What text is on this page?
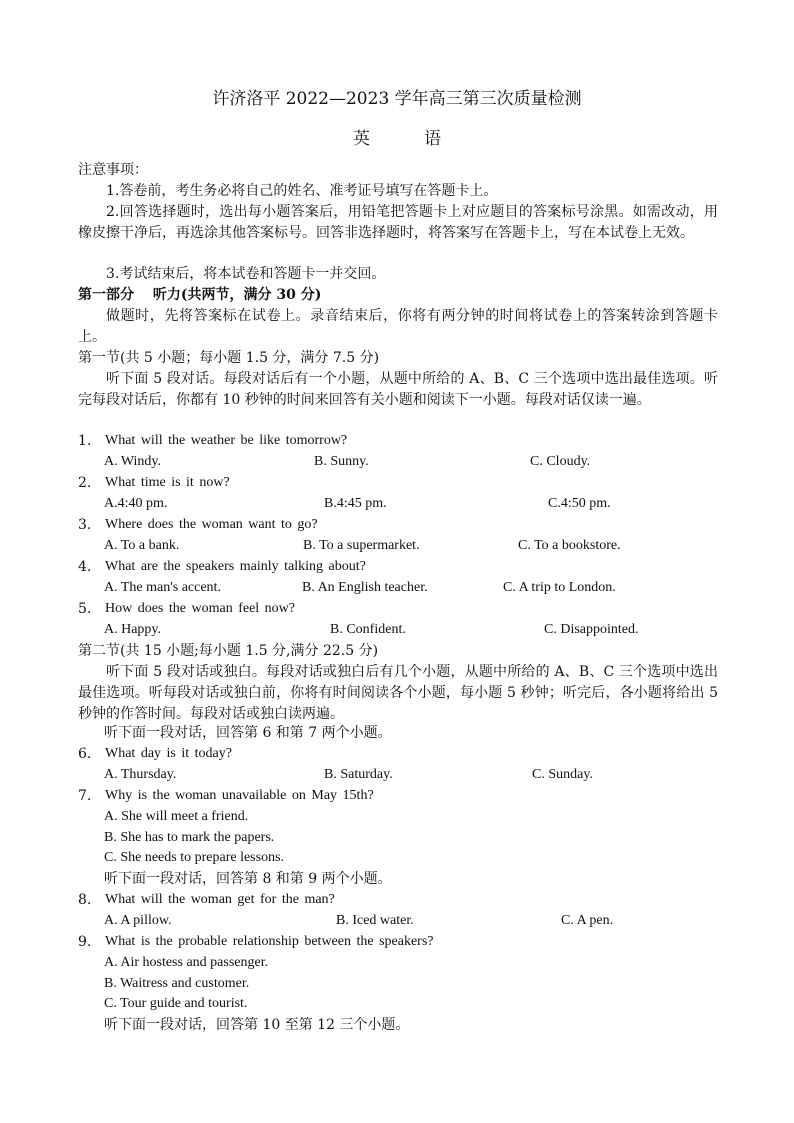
许济洛平 2022—2023 学年高三第三次质量检测
英语
注意事项：
1.答卷前，考生务必将自己的姓名、准考证号填写在答题卡上。
2.回答选择题时，选出每小题答案后，用铅笔把答题卡上对应题目的答案标号涂黑。如需改动，用橡皮擦干净后，再选涂其他答案标号。回答非选择题时，将答案写在答题卡上，写在本试卷上无效。
3.考试结束后，将本试卷和答题卡一并交回。
第一部分　 听力(共两节，满分 30 分)
做题时，先将答案标在试卷上。录音结束后，你将有两分钟的时间将试卷上的答案转涂到答题卡上。
第一节(共 5 小题；每小题 1.5 分，满分 7.5 分)
听下面 5 段对话。每段对话后有一个小题，从题中所给的 A、B、C 三个选项中选出最佳选项。听完每段对话后，你都有 10 秒钟的时间来回答有关小题和阅读下一小题。每段对话仅读一遍。
1. What will the weather be like tomorrow?
A. Windy.	B. Sunny.	C. Cloudy.
2. What time is it now?
A.4:40 pm.	B.4:45 pm.	C.4:50 pm.
3. Where does the woman want to go?
A. To a bank.	B. To a supermarket.	C. To a bookstore.
4. What are the speakers mainly talking about?
A. The man's accent.	B. An English teacher.	C. A trip to London.
5. How does the woman feel now?
A. Happy.	B. Confident.	C. Disappointed.
第二节(共 15 小题;每小题 1.5 分,满分 22.5 分)
听下面 5 段对话或独白。每段对话或独白后有几个小题，从题中所给的 A、B、C 三个选项中选出最佳选项。听每段对话或独白前，你将有时间阅读各个小题，每小题 5 秒钟；听完后，各小题将给出 5 秒钟的作答时间。每段对话或独白读两遍。
听下面一段对话，回答第 6 和第 7 两个小题。
6. What day is it today?
A. Thursday.	B. Saturday.	C. Sunday.
7. Why is the woman unavailable on May 15th?
A. She will meet a friend.
B. She has to mark the papers.
C. She needs to prepare lessons.
听下面一段对话，回答第 8 和第 9 两个小题。
8. What will the woman get for the man?
A. A pillow.	B. Iced water.	C. A pen.
9. What is the probable relationship between the speakers?
A. Air hostess and passenger.
B. Waitress and customer.
C. Tour guide and tourist.
听下面一段对话，回答第 10 至第 12 三个小题。
